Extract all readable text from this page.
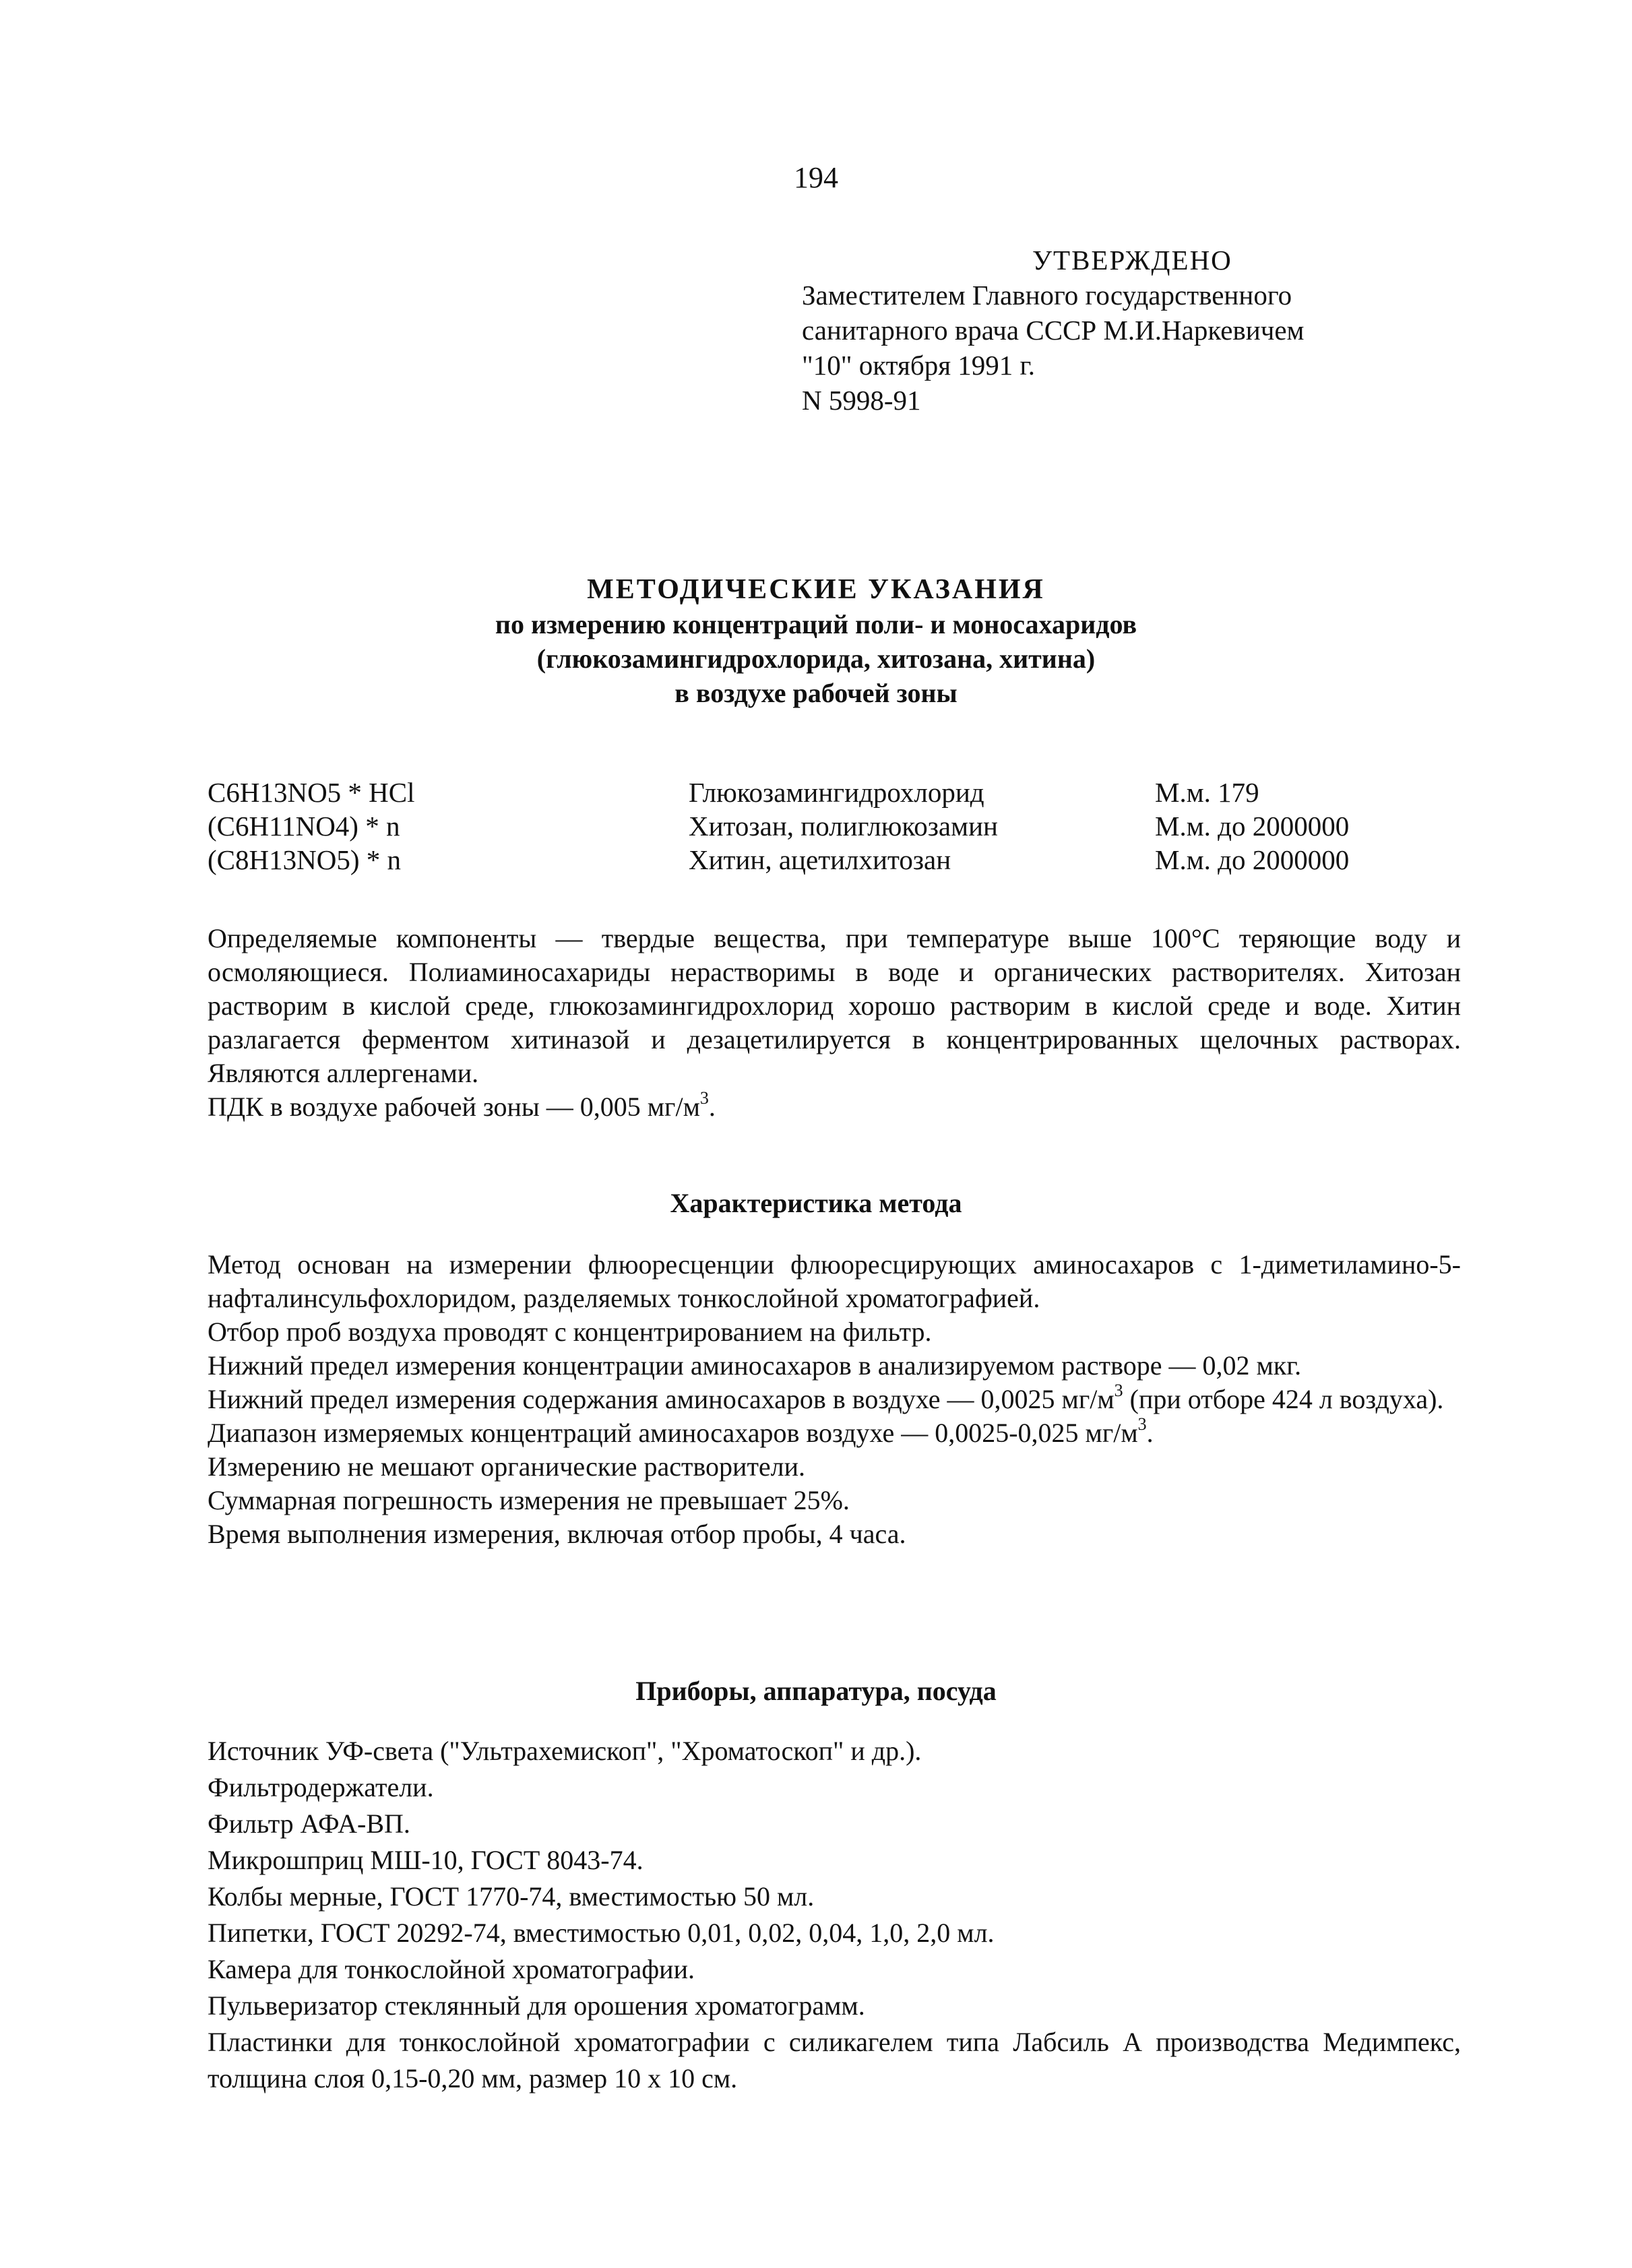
194
УТВЕРЖДЕНО
Заместителем Главного государственного
санитарного врача СССР М.И.Наркевичем
"10" октября 1991 г.
N 5998-91
МЕТОДИЧЕСКИЕ УКАЗАНИЯ
по измерению концентраций поли- и моносахаридов
(глюкозамингидрохлорида, хитозана, хитина)
в воздухе рабочей зоны
C6H13NO5 * HCl	Глюкозамингидрохлорид	М.м. 179
(C6H11NO4) * n	Хитозан, полиглюкозамин	М.м. до 2000000
(C8H13NO5) * n	Хитин, ацетилхитозан	М.м. до 2000000

Определяемые компоненты — твердые вещества, при температуре выше 100°С теряющие воду и осмоляющиеся. Полиаминосахариды нерастворимы в воде и органических растворителях. Хитозан растворим в кислой среде, глюкозамингидрохлорид хорошо растворим в кислой среде и воде. Хитин разлагается ферментом хитиназой и дезацетилируется в концентрированных щелочных растворах. Являются аллергенами.

ПДК в воздухе рабочей зоны — 0,005 $мг/м^3$.

Характеристика метода

Метод основан на измерении флюоресценции флюоресцирующих аминосахаров с 1-диметиламино-5-нафталинсульфохлоридом, разделяемых тонкослойной хроматографией.

Отбор проб воздуха проводят с концентрированием на фильтр.

Нижний предел измерения концентрации аминосахаров в анализируемом растворе — 0,02 мкг.

Нижний предел измерения содержания аминосахаров в воздухе — 0,0025 $мг/м^3$ (при отборе 424 л воздуха).

Диапазон измеряемых концентраций аминосахаров воздухе — 0,0025-0,025 $мг/м^3$.

Измерению не мешают органические растворители.

Суммарная погрешность измерения не превышает 25%.

Время выполнения измерения, включая отбор пробы, 4 часа.

Приборы, аппаратура, посуда

Источник УФ-света ("Ультрахемископ", "Хроматоскоп" и др.).

Фильтродержатели.

Фильтр АФА-ВП.

Микрошприц МШ-10, ГОСТ 8043-74.

Колбы мерные, ГОСТ 1770-74, вместимостью 50 мл.

Пипетки, ГОСТ 20292-74, вместимостью 0,01, 0,02, 0,04, 1,0, 2,0 мл.

Камера для тонкослойной хроматографии.

Пульверизатор стеклянный для орошения хроматограмм.

Пластинки для тонкослойной хроматографии с силикагелем типа Лабсиль А производства Медимпекс, толщина слоя 0,15-0,20 мм, размер 10 х 10 см.
